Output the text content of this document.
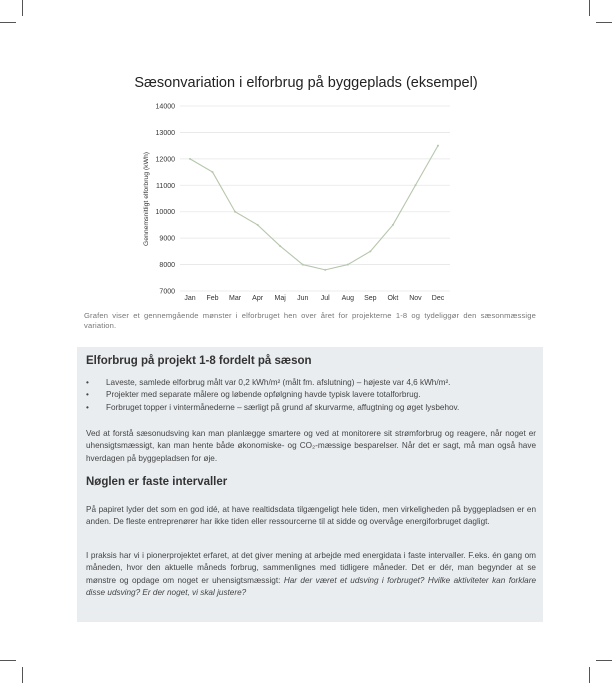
Sæsonvariation i elforbrug på byggeplads (eksempel)
7000
8000
9000
10000
11000
12000
13000
14000
Jan Feb Mar Apr Maj Jun Jul Aug Sep Okt Nov Dec
Gennemsnitligt elforbrug (kWh)
Grafen viser et gennemgående mønster i elforbruget hen over året for projekterne 1-8 og tydeliggør den sæsonmæssige variation.
Elforbrug på projekt 1-8 fordelt på sæson
• Laveste, samlede elforbrug målt var 0,2 kWh/m² (målt fm. afslutning) – højeste var 4,6 kWh/m².
• Projekter med separate målere og løbende opfølgning havde typisk lavere totalforbrug.
• Forbruget topper i vintermånederne – særligt på grund af skurvarme, affugtning og øget lysbehov.

Ved at forstå sæsonudsving kan man planlægge smartere og ved at monitorere sit strømforbrug og reagere, når noget er uhensigtsmæssigt, kan man hente både økonomiske- og CO₂-mæssige besparelser. Når det er sagt, må man også have hverdagen på byggepladsen for øje.

Nøglen er faste intervaller

På papiret lyder det som en god idé, at have realtidsdata tilgængeligt hele tiden, men virkeligheden på byggepladsen er en anden. De fleste entreprenører har ikke tiden eller ressourcerne til at sidde og overvåge energiforbruget dagligt.

I praksis har vi i pionerprojektet erfaret, at det giver mening at arbejde med energidata i faste intervaller. F.eks. én gang om måneden, hvor den aktuelle måneds forbrug, sammenlignes med tidligere måneder. Det er dér, man begynder at se mønstre og opdage om noget er uhensigtsmæssigt: Har der været et udsving i forbruget? Hvilke aktiviteter kan forklare disse udsving? Er der noget, vi skal justere?
